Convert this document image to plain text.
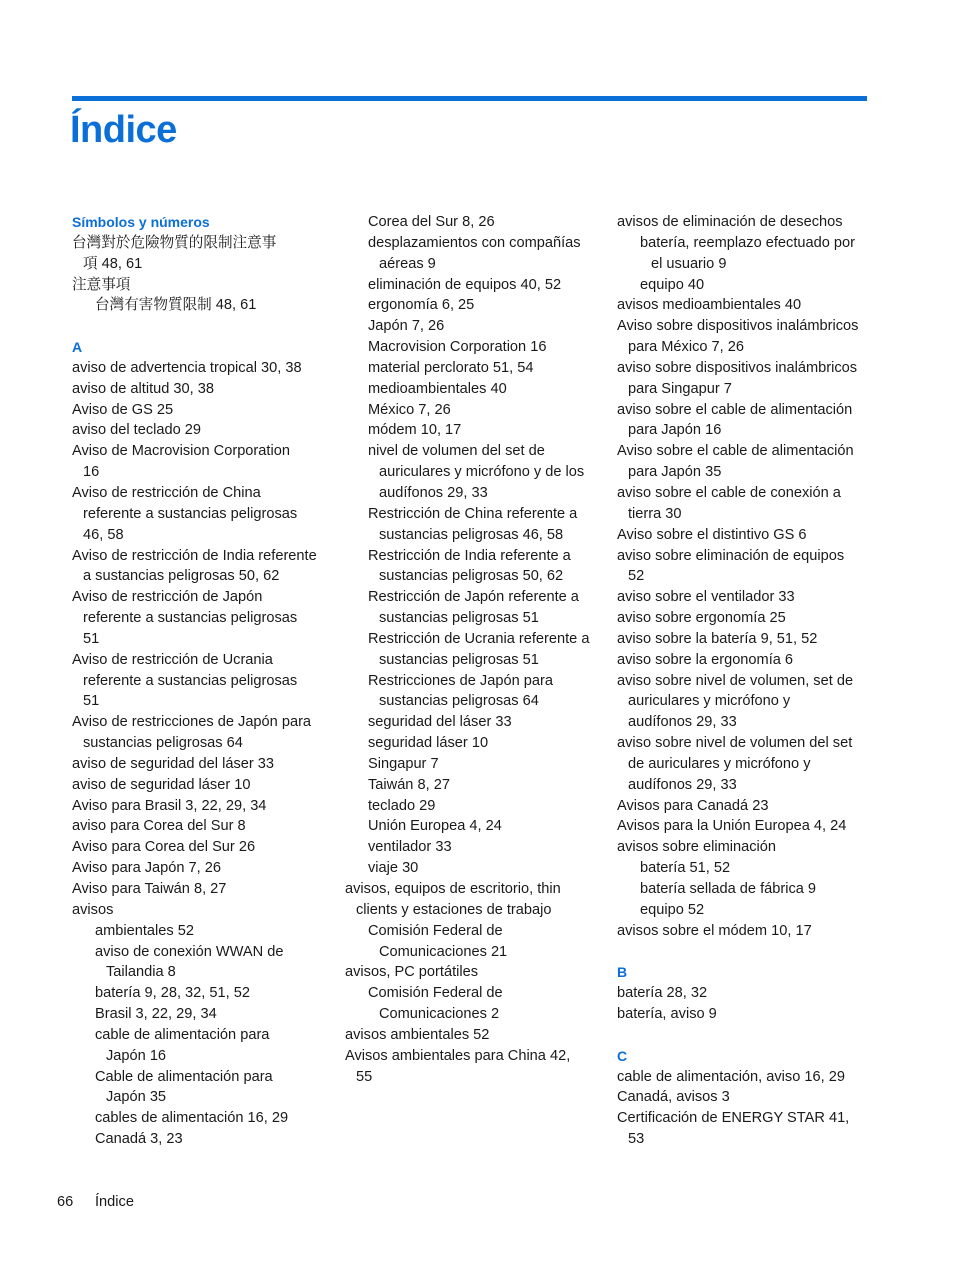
Índice
Símbolos y números
台灣對於危險物質的限制注意事
項 48, 61
注意事項
台灣有害物質限制 48, 61
A
aviso de advertencia tropical 30, 38
aviso de altitud 30, 38
Aviso de GS 25
aviso del teclado 29
Aviso de Macrovision Corporation
16
Aviso de restricción de China
referente a sustancias peligrosas
46, 58
Aviso de restricción de India referente
a sustancias peligrosas 50, 62
Aviso de restricción de Japón
referente a sustancias peligrosas
51
Aviso de restricción de Ucrania
referente a sustancias peligrosas
51
Aviso de restricciones de Japón para
sustancias peligrosas 64
aviso de seguridad del láser 33
aviso de seguridad láser 10
Aviso para Brasil 3, 22, 29, 34
aviso para Corea del Sur 8
Aviso para Corea del Sur 26
Aviso para Japón 7, 26
Aviso para Taiwán 8, 27
avisos
ambientales 52
aviso de conexión WWAN de
Tailandia 8
batería 9, 28, 32, 51, 52
Brasil 3, 22, 29, 34
cable de alimentación para
Japón 16
Cable de alimentación para
Japón 35
cables de alimentación 16, 29
Canadá 3, 23
Corea del Sur 8, 26
desplazamientos con compañías
aéreas 9
eliminación de equipos 40, 52
ergonomía 6, 25
Japón 7, 26
Macrovision Corporation 16
material perclorato 51, 54
medioambientales 40
México 7, 26
módem 10, 17
nivel de volumen del set de
auriculares y micrófono y de los
audífonos 29, 33
Restricción de China referente a
sustancias peligrosas 46, 58
Restricción de India referente a
sustancias peligrosas 50, 62
Restricción de Japón referente a
sustancias peligrosas 51
Restricción de Ucrania referente a
sustancias peligrosas 51
Restricciones de Japón para
sustancias peligrosas 64
seguridad del láser 33
seguridad láser 10
Singapur 7
Taiwán 8, 27
teclado 29
Unión Europea 4, 24
ventilador 33
viaje 30
avisos, equipos de escritorio, thin
clients y estaciones de trabajo
Comisión Federal de
Comunicaciones 21
avisos, PC portátiles
Comisión Federal de
Comunicaciones 2
avisos ambientales 52
Avisos ambientales para China 42,
55
avisos de eliminación de desechos
batería, reemplazo efectuado por
el usuario 9
equipo 40
avisos medioambientales 40
Aviso sobre dispositivos inalámbricos
para México 7, 26
aviso sobre dispositivos inalámbricos
para Singapur 7
aviso sobre el cable de alimentación
para Japón 16
Aviso sobre el cable de alimentación
para Japón 35
aviso sobre el cable de conexión a
tierra 30
Aviso sobre el distintivo GS 6
aviso sobre eliminación de equipos
52
aviso sobre el ventilador 33
aviso sobre ergonomía 25
aviso sobre la batería 9, 51, 52
aviso sobre la ergonomía 6
aviso sobre nivel de volumen, set de
auriculares y micrófono y
audífonos 29, 33
aviso sobre nivel de volumen del set
de auriculares y micrófono y
audífonos 29, 33
Avisos para Canadá 23
Avisos para la Unión Europea 4, 24
avisos sobre eliminación
batería 51, 52
batería sellada de fábrica 9
equipo 52
avisos sobre el módem 10, 17
B
batería 28, 32
batería, aviso 9
C
cable de alimentación, aviso 16, 29
Canadá, avisos 3
Certificación de ENERGY STAR 41,
53
66 Índice
